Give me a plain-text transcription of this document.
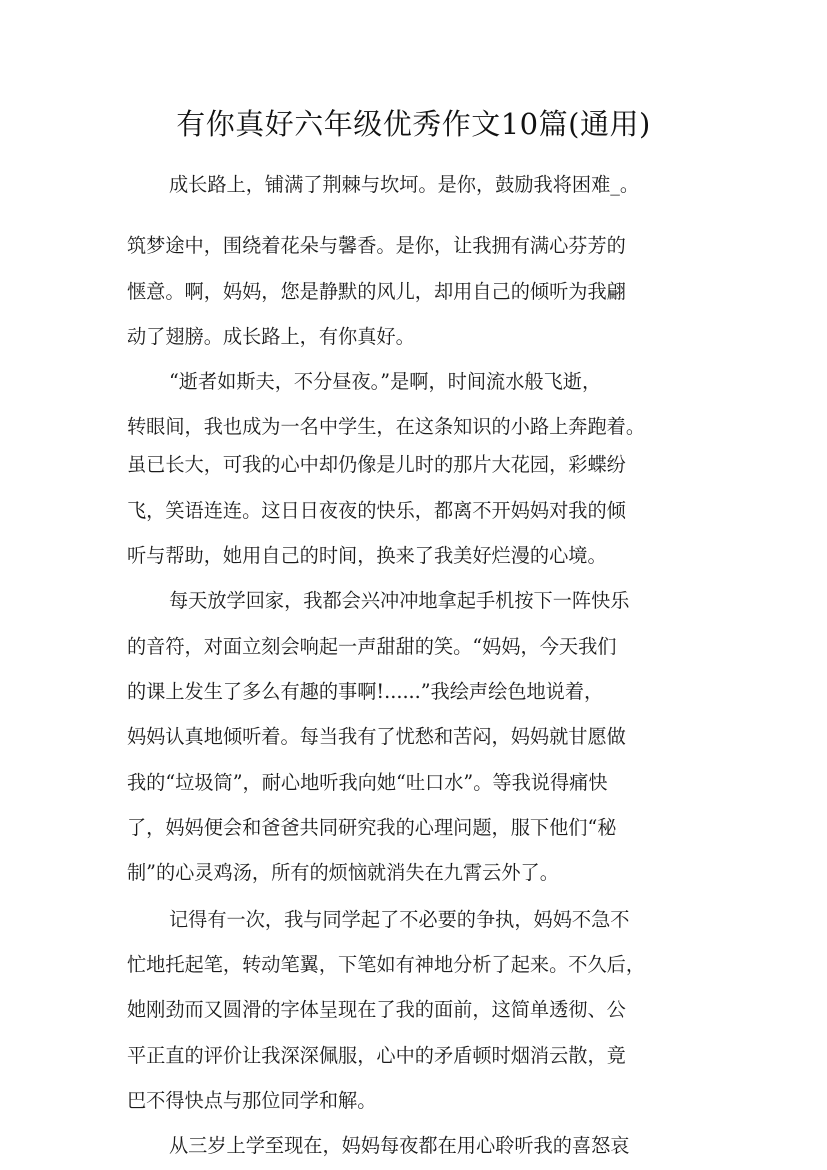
有你真好六年级优秀作文10篇(通用)
成长路上，铺满了荆棘与坎坷。是你，鼓励我将困难_。
筑梦途中，围绕着花朵与馨香。是你，让我拥有满心芬芳的
惬意。啊，妈妈，您是静默的风儿，却用自己的倾听为我翩
动了翅膀。成长路上，有你真好。
“逝者如斯夫，不分昼夜。”是啊，时间流水般飞逝，
转眼间，我也成为一名中学生，在这条知识的小路上奔跑着。
虽已长大，可我的心中却仍像是儿时的那片大花园，彩蝶纷
飞，笑语连连。这日日夜夜的快乐，都离不开妈妈对我的倾
听与帮助，她用自己的时间，换来了我美好烂漫的心境。
每天放学回家，我都会兴冲冲地拿起手机按下一阵快乐
的音符，对面立刻会响起一声甜甜的笑。“妈妈，今天我们
的课上发生了多么有趣的事啊!......”我绘声绘色地说着，
妈妈认真地倾听着。每当我有了忧愁和苦闷，妈妈就甘愿做
我的“垃圾筒”，耐心地听我向她“吐口水”。等我说得痛快
了，妈妈便会和爸爸共同研究我的心理问题，服下他们“秘
制”的心灵鸡汤，所有的烦恼就消失在九霄云外了。
记得有一次，我与同学起了不必要的争执，妈妈不急不
忙地托起笔，转动笔翼，下笔如有神地分析了起来。不久后，
她刚劲而又圆滑的字体呈现在了我的面前，这简单透彻、公
平正直的评价让我深深佩服，心中的矛盾顿时烟消云散，竟
巴不得快点与那位同学和解。
从三岁上学至现在，妈妈每夜都在用心聆听我的喜怒哀
